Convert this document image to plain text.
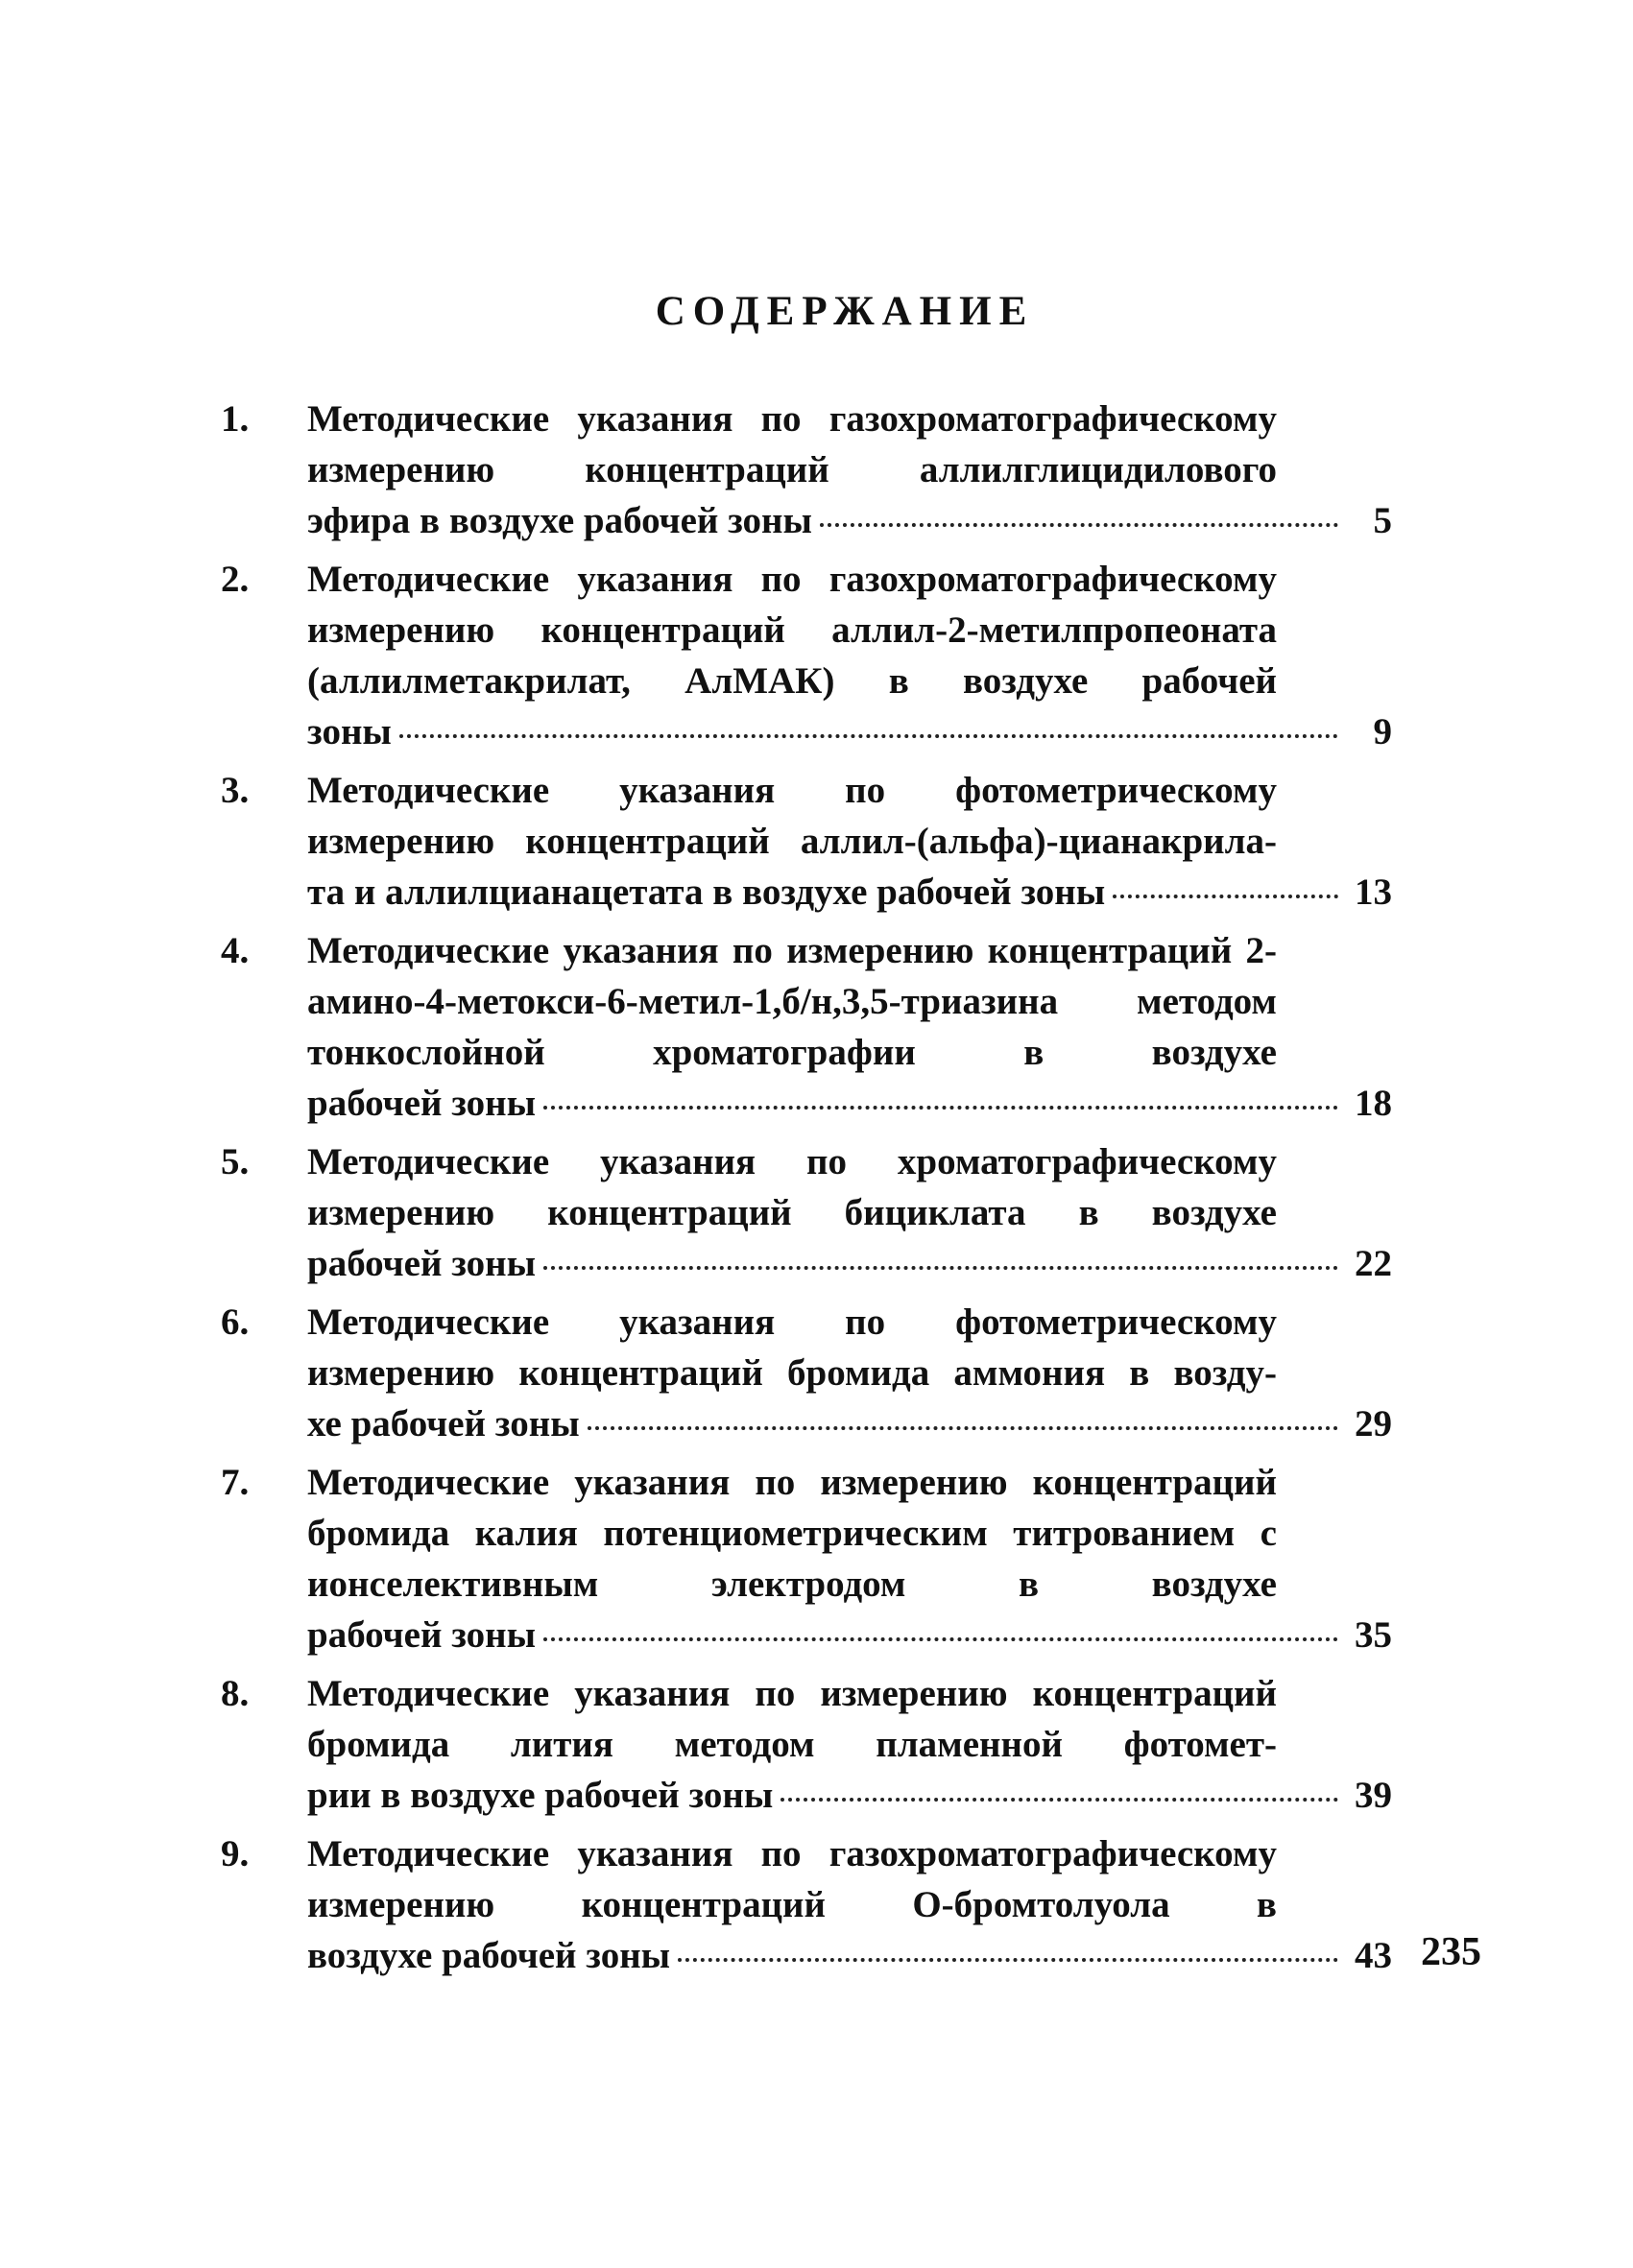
СОДЕРЖАНИЕ
1.	Методические указания по газохроматографическому измерению концентраций аллилглицидилового
эфира в воздухе рабочей зоны	5
2.	Методические указания по газохроматографическому измерению концентраций аллил-2-метилпропеоната (аллилметакрилат, АлМАК) в воздухе рабочей
зоны	9
3.	Методические указания по фотометрическому измерению концентраций аллил-(альфа)-цианакрила-
та и аллилцианацетата в воздухе рабочей зоны	13
4.	Методические указания по измерению концентраций 2-амино-4-метокси-6-метил-1,б/н,3,5-триазина методом тонкослойной хроматографии в воздухе
рабочей зоны	18
5.	Методические указания по хроматографическому измерению концентраций бициклата в воздухе
рабочей зоны	22
6.	Методические указания по фотометрическому измерению концентраций бромида аммония в возду-
хе рабочей зоны	29
7.	Методические указания по измерению концентраций бромида калия потенциометрическим титрованием с ионселективным электродом в воздухе
рабочей зоны	35
8.	Методические указания по измерению концентраций бромида лития методом пламенной фотомет-
рии в воздухе рабочей зоны	39
9.	Методические указания по газохроматографическому измерению концентраций О-бромтолуола в
воздухе рабочей зоны	43 235
